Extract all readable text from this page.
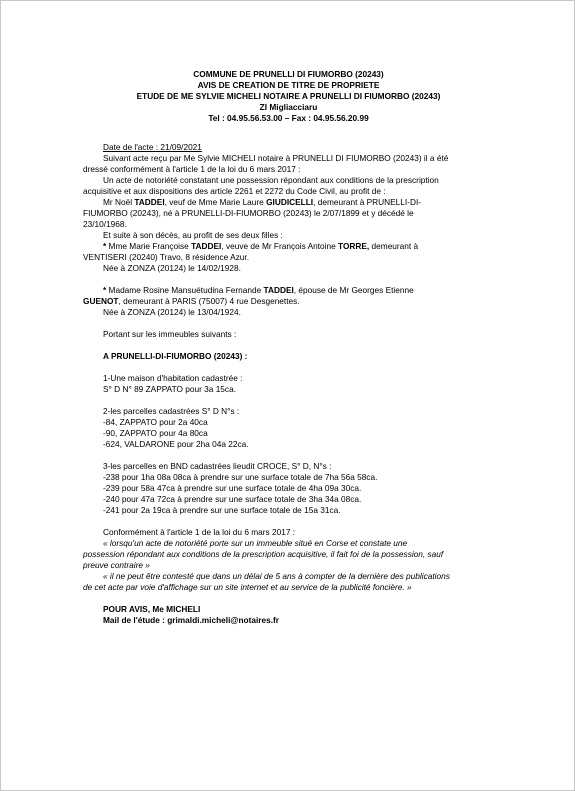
COMMUNE DE PRUNELLI DI FIUMORBO (20243)
AVIS DE CREATION DE TITRE DE PROPRIETE
ETUDE DE ME SYLVIE MICHELI NOTAIRE A PRUNELLI DI FIUMORBO (20243)
ZI Migliacciaru
Tel : 04.95.56.53.00 – Fax : 04.95.56.20.99

Date de l'acte : 21/09/2021

Suivant acte reçu par Me Sylvie MICHELI notaire à PRUNELLI DI FIUMORBO (20243) il a été

dressé conformément à l'article 1 de la loi du 6 mars 2017 :

Un acte de notoriété constatant une possession répondant aux conditions de la prescription

acquisitive et aux dispositions des article 2261 et 2272 du Code Civil, au profit de :

Mr Noël TADDEI, veuf de Mme Marie Laure GIUDICELLI, demeurant à PRUNELLI-DI-

FIUMORBO (20243), né à PRUNELLI-DI-FIUMORBO (20243) le 2/07/1899 et y décédé le

23/10/1968.

Et suite à son décès, au profit de ses deux filles :

* Mme Marie Françoise TADDEI, veuve de Mr François Antoine TORRE, demeurant à

VENTISERI (20240) Travo, 8 résidence Azur.

Née à ZONZA (20124) le 14/02/1928.

* Madame Rosine Mansuétudina Fernande TADDEI, épouse de Mr Georges Etienne

GUENOT, demeurant à PARIS (75007) 4 rue Desgenettes.

Née à ZONZA (20124) le 13/04/1924.

Portant sur les immeubles suivants :

A PRUNELLI-DI-FIUMORBO (20243) :

1-Une maison d'habitation cadastrée :

S° D N° 89 ZAPPATO pour 3a 15ca.

2-les parcelles cadastrées S° D N°s :

-84, ZAPPATO pour 2a 40ca

-90, ZAPPATO pour 4a 80ca

-624, VALDARONE pour 2ha 04a 22ca.

3-les parcelles en BND cadastrées lieudit CROCE, S° D, N°s :

-238 pour 1ha 08a 08ca à prendre sur une surface totale de 7ha 56a 58ca.

-239 pour 58a 47ca à prendre sur une surface totale de 4ha 09a 30ca.

-240 pour 47a 72ca à prendre sur une surface totale de 3ha 34a 08ca.

-241 pour 2a 19ca à prendre sur une surface totale de 15a 31ca.

Conformément à l'article 1 de la loi du 6 mars 2017 :

« lorsqu'un acte de notoriété porte sur un immeuble situé en Corse et constate une

possession répondant aux conditions de la prescription acquisitive, il fait foi de la possession, sauf

preuve contraire »

« il ne peut être contesté que dans un délai de 5 ans à compter de la dernière des publications

de cet acte par voie d'affichage sur un site internet et au service de la publicité foncière. »

POUR AVIS, Me MICHELI

Mail de l'étude : grimaldi.micheli@notaires.fr
